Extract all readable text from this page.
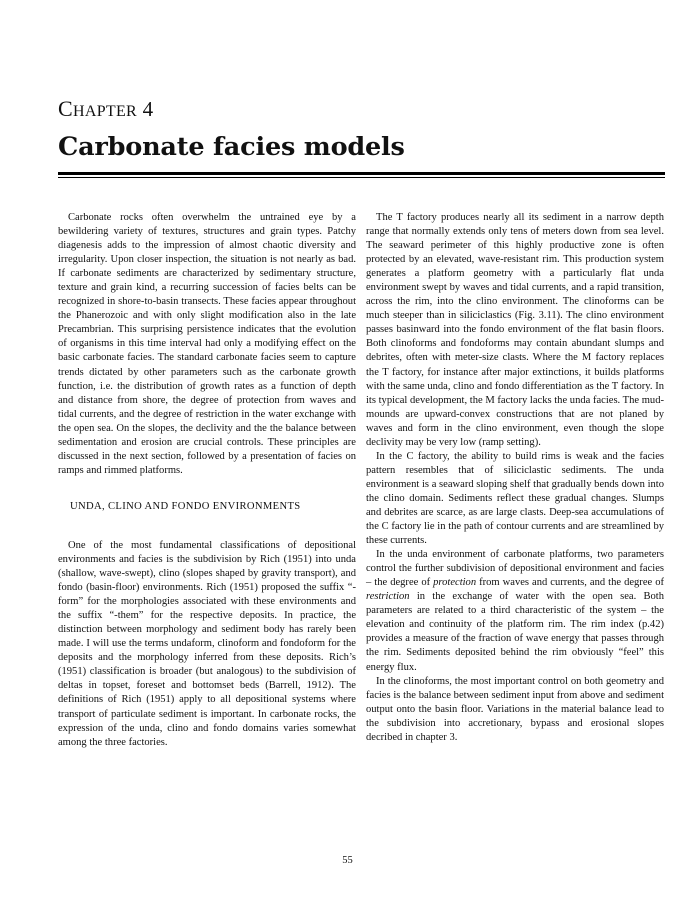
CHAPTER 4
Carbonate facies models

Carbonate rocks often overwhelm the untrained eye by a bewildering variety of textures, structures and grain types. Patchy diagenesis adds to the impression of almost chaotic diversity and irregularity. Upon closer inspection, the situation is not nearly as bad. If carbonate sediments are characterized by sedimentary structure, texture and grain kind, a recurring succession of facies belts can be recognized in shore-to-basin transects. These facies appear throughout the Phanerozoic and with only slight modification also in the late Precambrian. This surprising persistence indicates that the evolution of organisms in this time interval had only a modifying effect on the basic carbonate facies. The standard carbonate facies seem to capture trends dictated by other parameters such as the carbonate growth function, i.e. the distribution of growth rates as a function of depth and distance from shore, the degree of protection from waves and tidal currents, and the degree of restriction in the water exchange with the open sea. On the slopes, the declivity and the the balance between sedimentation and erosion are crucial controls. These principles are discussed in the next section, followed by a presentation of facies on ramps and rimmed platforms.

UNDA, CLINO AND FONDO ENVIRONMENTS

One of the most fundamental classifications of depositional environments and facies is the subdivision by Rich (1951) into unda (shallow, wave-swept), clino (slopes shaped by gravity transport), and fondo (basin-floor) environments. Rich (1951) proposed the suffix “-form” for the morphologies associated with these environments and the suffix “-them” for the respective deposits. In practice, the distinction between morphology and sediment body has rarely been made. I will use the terms undaform, clinoform and fondoform for the deposits and the morphology inferred from these deposits. Rich’s (1951) classification is broader (but analogous) to the subdivision of deltas in topset, foreset and bottomset beds (Barrell, 1912). The definitions of Rich (1951) apply to all depositional systems where transport of particulate sediment is important. In carbonate rocks, the expression of the unda, clino and fondo domains varies somewhat among the three factories.

The T factory produces nearly all its sediment in a narrow depth range that normally extends only tens of meters down from sea level. The seaward perimeter of this highly productive zone is often protected by an elevated, wave-resistant rim. This production system generates a platform geometry with a particularly flat unda environment swept by waves and tidal currents, and a rapid transition, across the rim, into the clino environment. The clinoforms can be much steeper than in siliciclastics (Fig. 3.11). The clino environment passes basinward into the fondo environment of the flat basin floors. Both clinoforms and fondoforms may contain abundant slumps and debrites, often with meter-size clasts. Where the M factory replaces the T factory, for instance after major extinctions, it builds platforms with the same unda, clino and fondo differentiation as the T factory. In its typical development, the M factory lacks the unda facies. The mud-mounds are upward-convex constructions that are not planed by waves and form in the clino environment, even though the slope declivity may be very low (ramp setting).

In the C factory, the ability to build rims is weak and the facies pattern resembles that of siliciclastic sediments. The unda environment is a seaward sloping shelf that gradually bends down into the clino domain. Sediments reflect these gradual changes. Slumps and debrites are scarce, as are large clasts. Deep-sea accumulations of the C factory lie in the path of contour currents and are streamlined by these currents.

In the unda environment of carbonate platforms, two parameters control the further subdivision of depositional environment and facies – the degree of protection from waves and currents, and the degree of restriction in the exchange of water with the open sea. Both parameters are related to a third characteristic of the system – the elevation and continuity of the platform rim. The rim index (p.42) provides a measure of the fraction of wave energy that passes through the rim. Sediments deposited behind the rim obviously “feel” this energy flux.

In the clinoforms, the most important control on both geometry and facies is the balance between sediment input from above and sediment output onto the basin floor. Variations in the material balance lead to the subdivision into accretionary, bypass and erosional slopes decribed in chapter 3.

55
